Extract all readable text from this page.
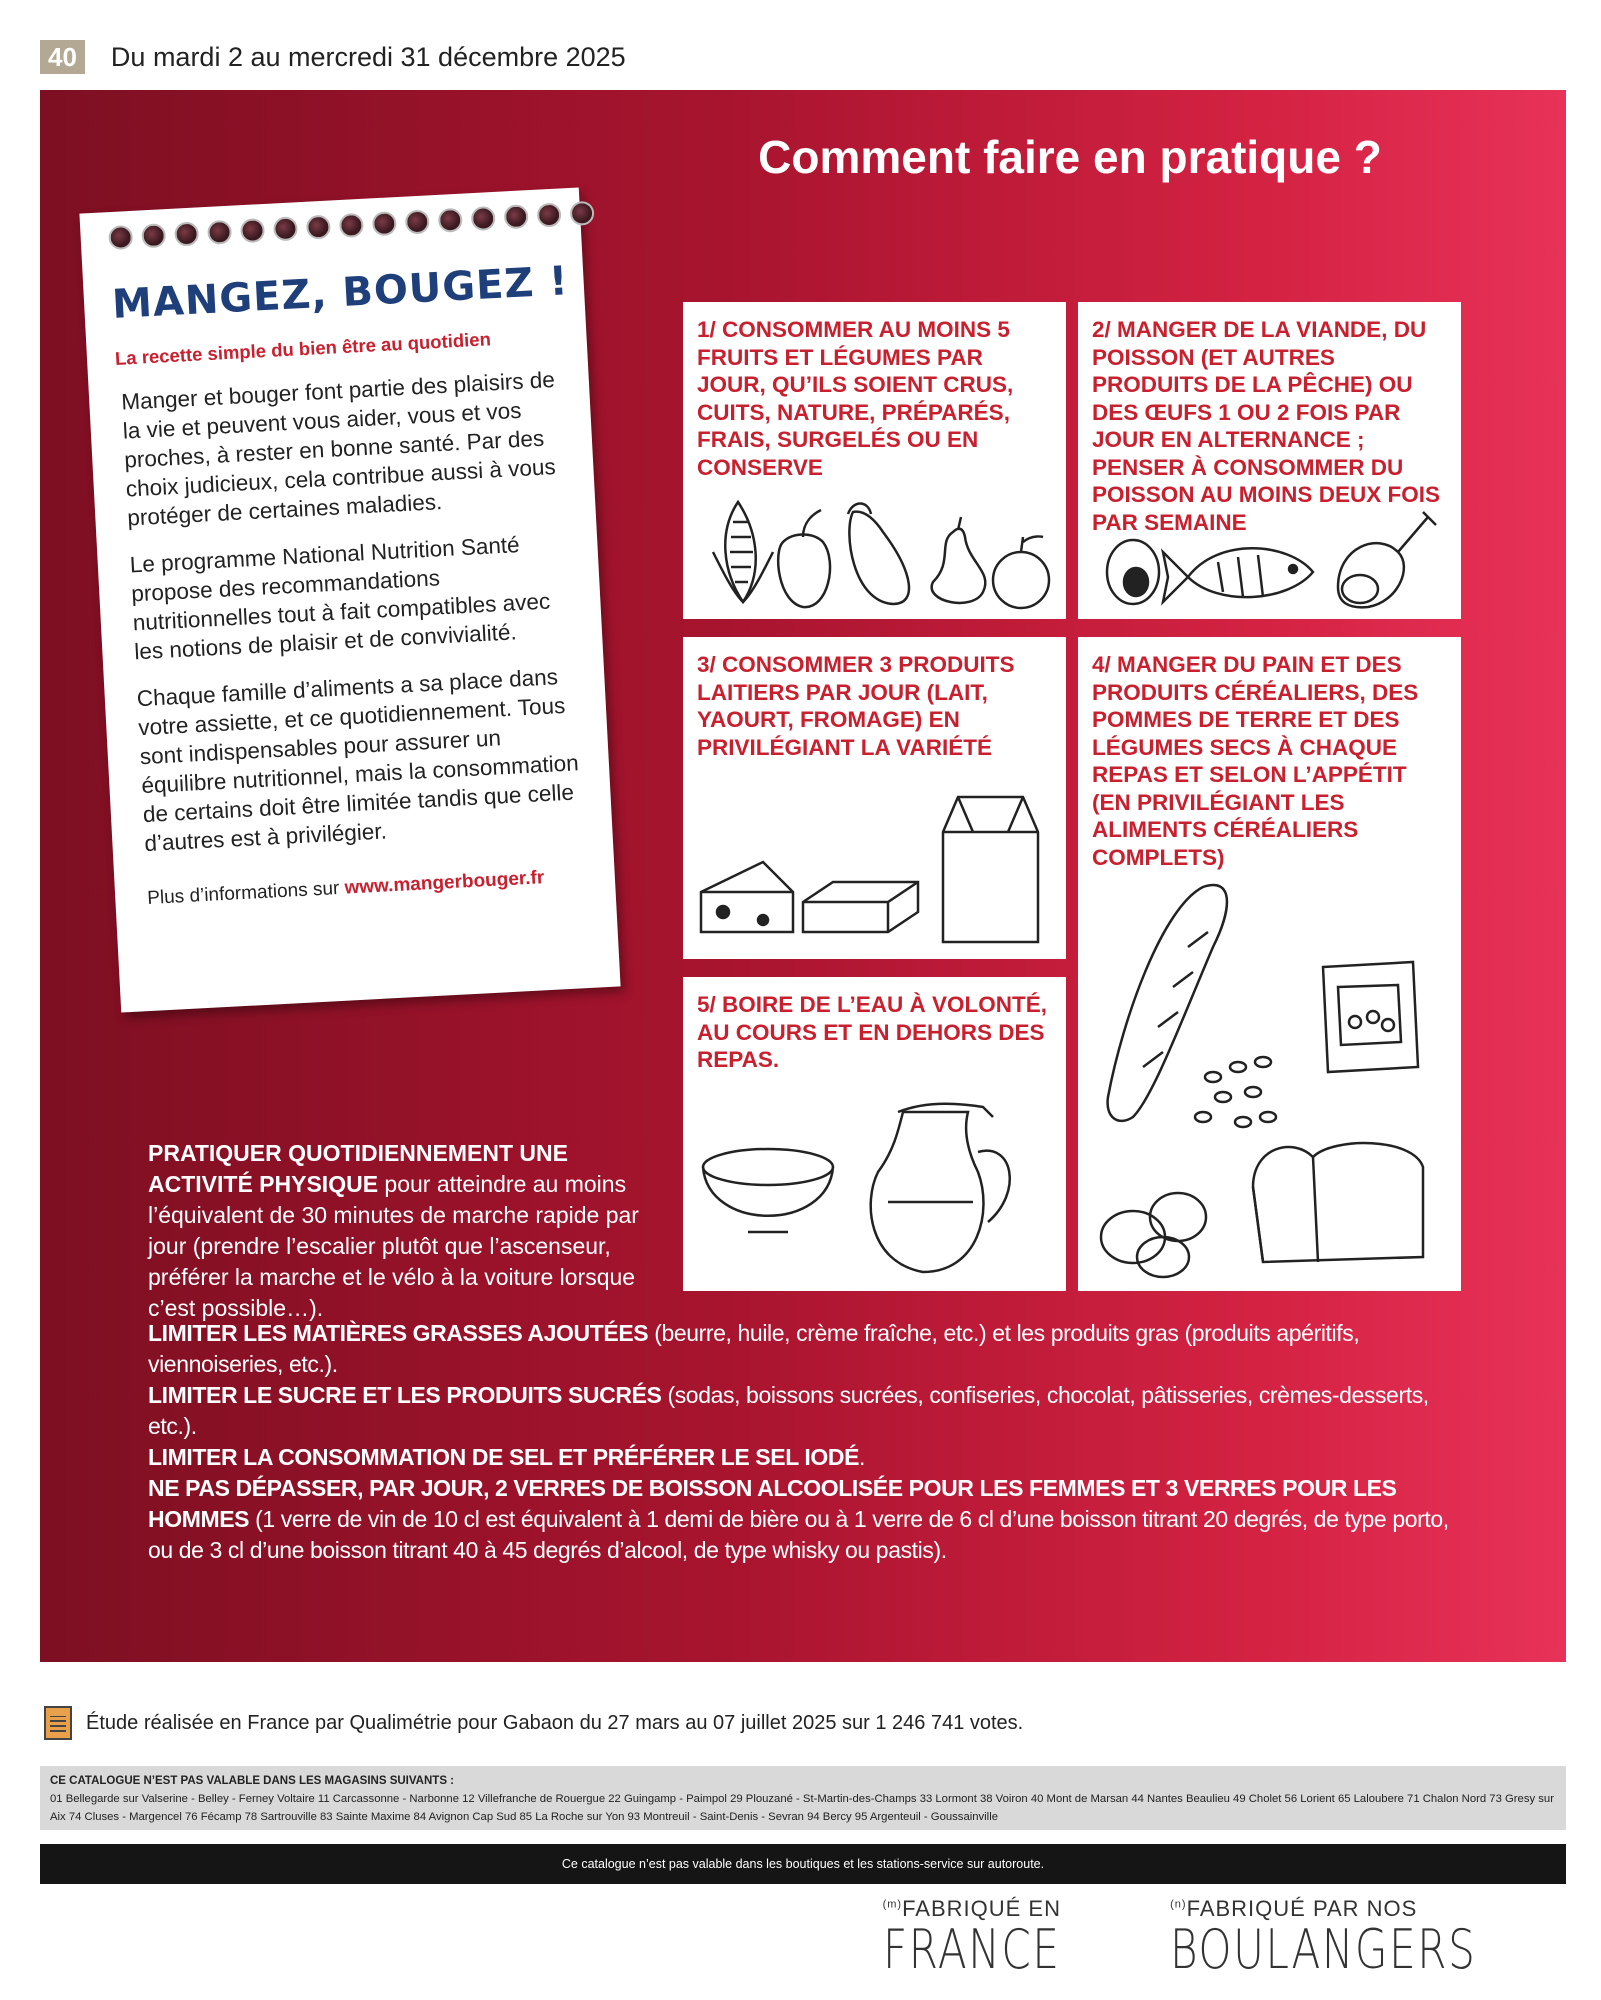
40 Du mardi 2 au mercredi 31 décembre 2025
Comment faire en pratique ?
MANGEZ, BOUGEZ !
La recette simple du bien être au quotidien

Manger et bouger font partie des plaisirs de la vie et peuvent vous aider, vous et vos proches, à rester en bonne santé. Par des choix judicieux, cela contribue aussi à vous protéger de certaines maladies.

Le programme National Nutrition Santé propose des recommandations nutritionnelles tout à fait compatibles avec les notions de plaisir et de convivialité.

Chaque famille d’aliments a sa place dans votre assiette, et ce quotidiennement. Tous sont indispensables pour assurer un équilibre nutritionnel, mais la consommation de certains doit être limitée tandis que celle d’autres est à privilégier.

Plus d’informations sur www.mangerbouger.fr
1/ CONSOMMER AU MOINS 5 FRUITS ET LÉGUMES PAR JOUR, QU’ILS SOIENT CRUS, CUITS, NATURE, PRÉPARÉS, FRAIS, SURGELÉS OU EN CONSERVE
2/ MANGER DE LA VIANDE, DU POISSON (ET AUTRES PRODUITS DE LA PÊCHE) OU DES ŒUFS 1 OU 2 FOIS PAR JOUR EN ALTERNANCE ; PENSER À CONSOMMER DU POISSON AU MOINS DEUX FOIS PAR SEMAINE
3/ CONSOMMER 3 PRODUITS LAITIERS PAR JOUR (LAIT, YAOURT, FROMAGE) EN PRIVILÉGIANT LA VARIÉTÉ
4/ MANGER DU PAIN ET DES PRODUITS CÉRÉALIERS, DES POMMES DE TERRE ET DES LÉGUMES SECS À CHAQUE REPAS ET SELON L’APPÉTIT (EN PRIVILÉGIANT LES ALIMENTS CÉRÉALIERS COMPLETS)
5/ BOIRE DE L’EAU À VOLONTÉ, AU COURS ET EN DEHORS DES REPAS.
PRATIQUER QUOTIDIENNEMENT UNE ACTIVITÉ PHYSIQUE pour atteindre au moins l’équivalent de 30 minutes de marche rapide par jour (prendre l’escalier plutôt que l’ascenseur, préférer la marche et le vélo à la voiture lorsque c’est possible…).
LIMITER LES MATIÈRES GRASSES AJOUTÉES (beurre, huile, crème fraîche, etc.) et les produits gras (produits apéritifs, viennoiseries, etc.).
LIMITER LE SUCRE ET LES PRODUITS SUCRÉS (sodas, boissons sucrées, confiseries, chocolat, pâtisseries, crèmes-desserts, etc.).
LIMITER LA CONSOMMATION DE SEL ET PRÉFÉRER LE SEL IODÉ.
NE PAS DÉPASSER, PAR JOUR, 2 VERRES DE BOISSON ALCOOLISÉE POUR LES FEMMES ET 3 VERRES POUR LES HOMMES (1 verre de vin de 10 cl est équivalent à 1 demi de bière ou à 1 verre de 6 cl d’une boisson titrant 20 degrés, de type porto, ou de 3 cl d’une boisson titrant 40 à 45 degrés d’alcool, de type whisky ou pastis).
Étude réalisée en France par Qualimétrie pour Gabaon du 27 mars au 07 juillet 2025 sur 1 246 741 votes.
CE CATALOGUE N’EST PAS VALABLE DANS LES MAGASINS SUIVANTS :
01 Bellegarde sur Valserine - Belley - Ferney Voltaire 11 Carcassonne - Narbonne 12 Villefranche de Rouergue 22 Guingamp - Paimpol 29 Plouzané - St-Martin-des-Champs 33 Lormont 38 Voiron 40 Mont de Marsan 44 Nantes Beaulieu 49 Cholet 56 Lorient 65 Laloubere 71 Chalon Nord 73 Gresy sur Aix 74 Cluses - Margencel 76 Fécamp 78 Sartrouville 83 Sainte Maxime 84 Avignon Cap Sud 85 La Roche sur Yon 93 Montreuil - Saint-Denis - Sevran 94 Bercy 95 Argenteuil - Goussainville
Ce catalogue n’est pas valable dans les boutiques et les stations-service sur autoroute.
$^{(m)}$FABRIQUÉ EN
FRANCE
$^{(n)}$FABRIQUÉ PAR NOS
BOULANGERS
